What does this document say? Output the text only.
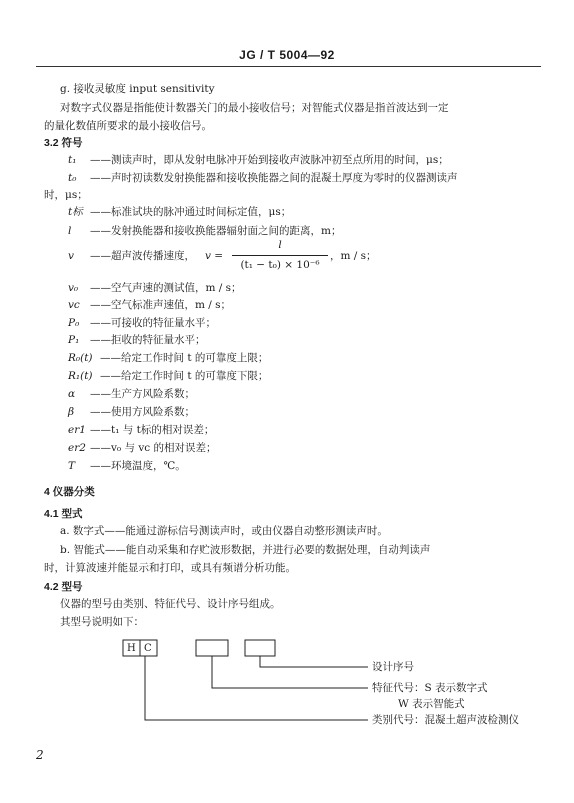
JG / T 5004—92
g. 接收灵敏度 input sensitivity
对数字式仪器是指能使计数器关门的最小接收信号；对智能式仪器是指首波达到一定
的量化数值所要求的最小接收信号。
3.2 符号
t₁ ——测读声时，即从发射电脉冲开始到接收声波脉冲初至点所用的时间，μs；
t₀ ——声时初读数发射换能器和接收换能器之间的混凝土厚度为零时的仪器测读声
时，μs；
t标 ——标准试块的脉冲通过时间标定值，μs；
l ——发射换能器和接收换能器辐射面之间的距离，m；
v ——超声波传播速度， v =
l
(t₁ − t₀) × 10⁻⁶
，m / s；
v₀ ——空气声速的测试值，m / s；
vc ——空气标准声速值，m / s；
P₀ ——可接收的特征量水平；
P₁ ——拒收的特征量水平；
R₀(t) ——给定工作时间 t 的可靠度上限；
R₁(t) ——给定工作时间 t 的可靠度下限；
α ——生产方风险系数；
β ——使用方风险系数；
er1 ——t₁ 与 t标的相对误差；
er2 ——v₀ 与 vc 的相对误差；
T ——环境温度，℃。
4 仪器分类
4.1 型式
a. 数字式——能通过游标信号测读声时，或由仪器自动整形测读声时。
b. 智能式——能自动采集和存贮波形数据，并进行必要的数据处理，自动判读声
时，计算波速并能显示和打印，或具有频谱分析功能。
4.2 型号
仪器的型号由类别、特征代号、设计序号组成。
其型号说明如下：
H C
设计序号
特征代号：S 表示数字式
W 表示智能式
类别代号：混凝土超声波检测仪
2
